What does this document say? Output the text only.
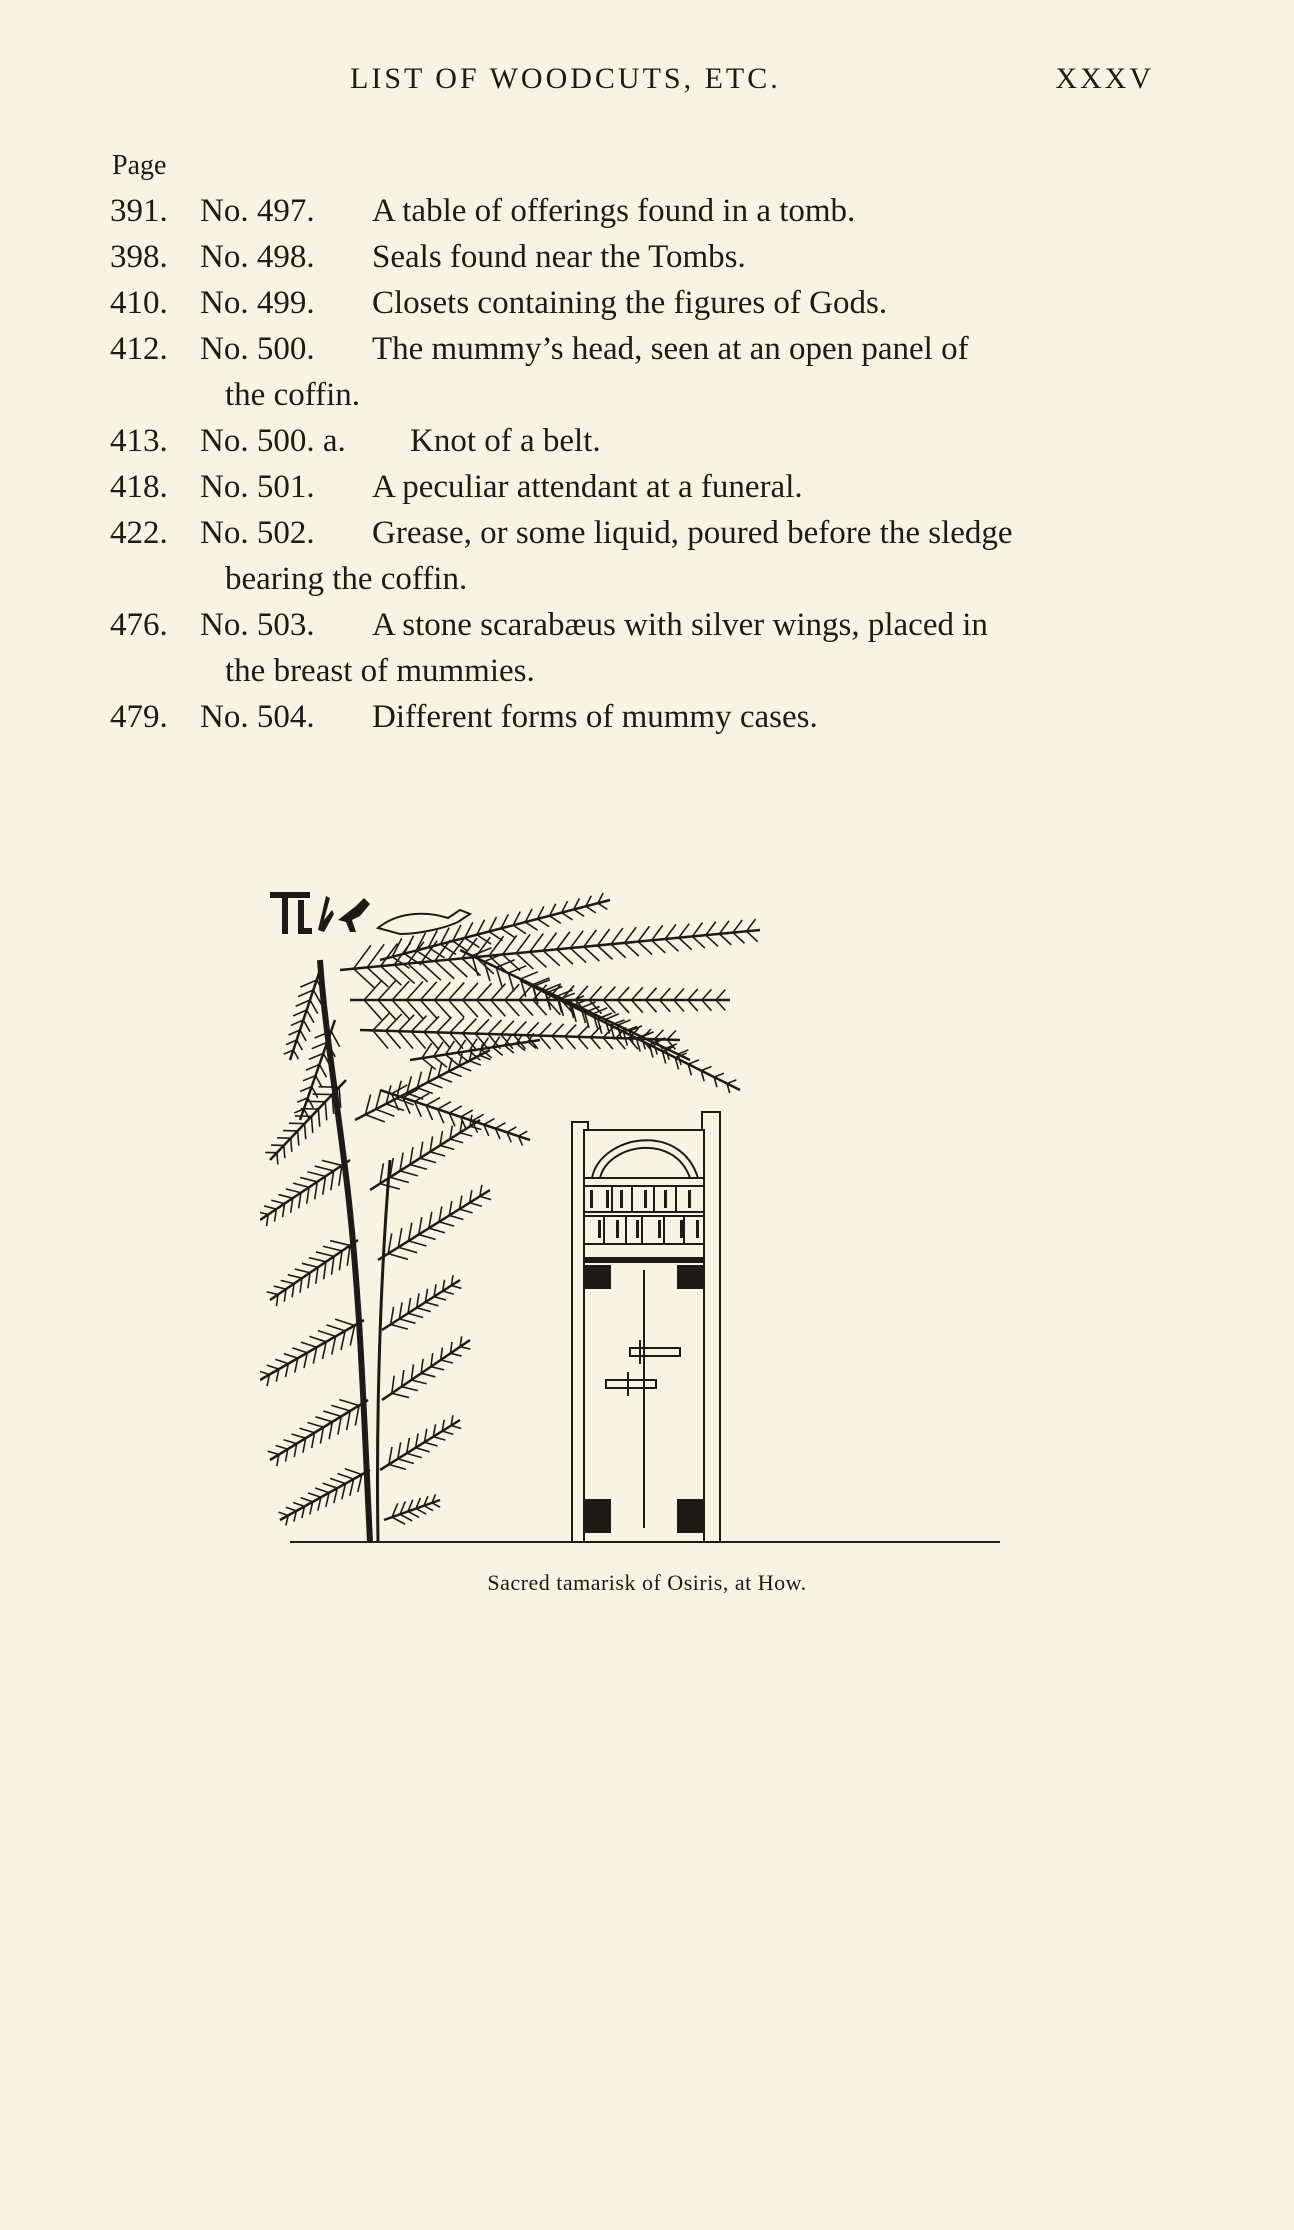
LIST OF WOODCUTS, ETC.	XXXV
Page
391. No. 497. A table of offerings found in a tomb.
398. No. 498. Seals found near the Tombs.
410. No. 499. Closets containing the figures of Gods.
412. No. 500. The mummy’s head, seen at an open panel of
the coffin.
413. No. 500. a. Knot of a belt.
418. No. 501. A peculiar attendant at a funeral.
422. No. 502. Grease, or some liquid, poured before the sledge
bearing the coffin.
476. No. 503. A stone scarabæus with silver wings, placed in
the breast of mummies.
479. No. 504. Different forms of mummy cases.
Sacred tamarisk of Osiris, at How.
